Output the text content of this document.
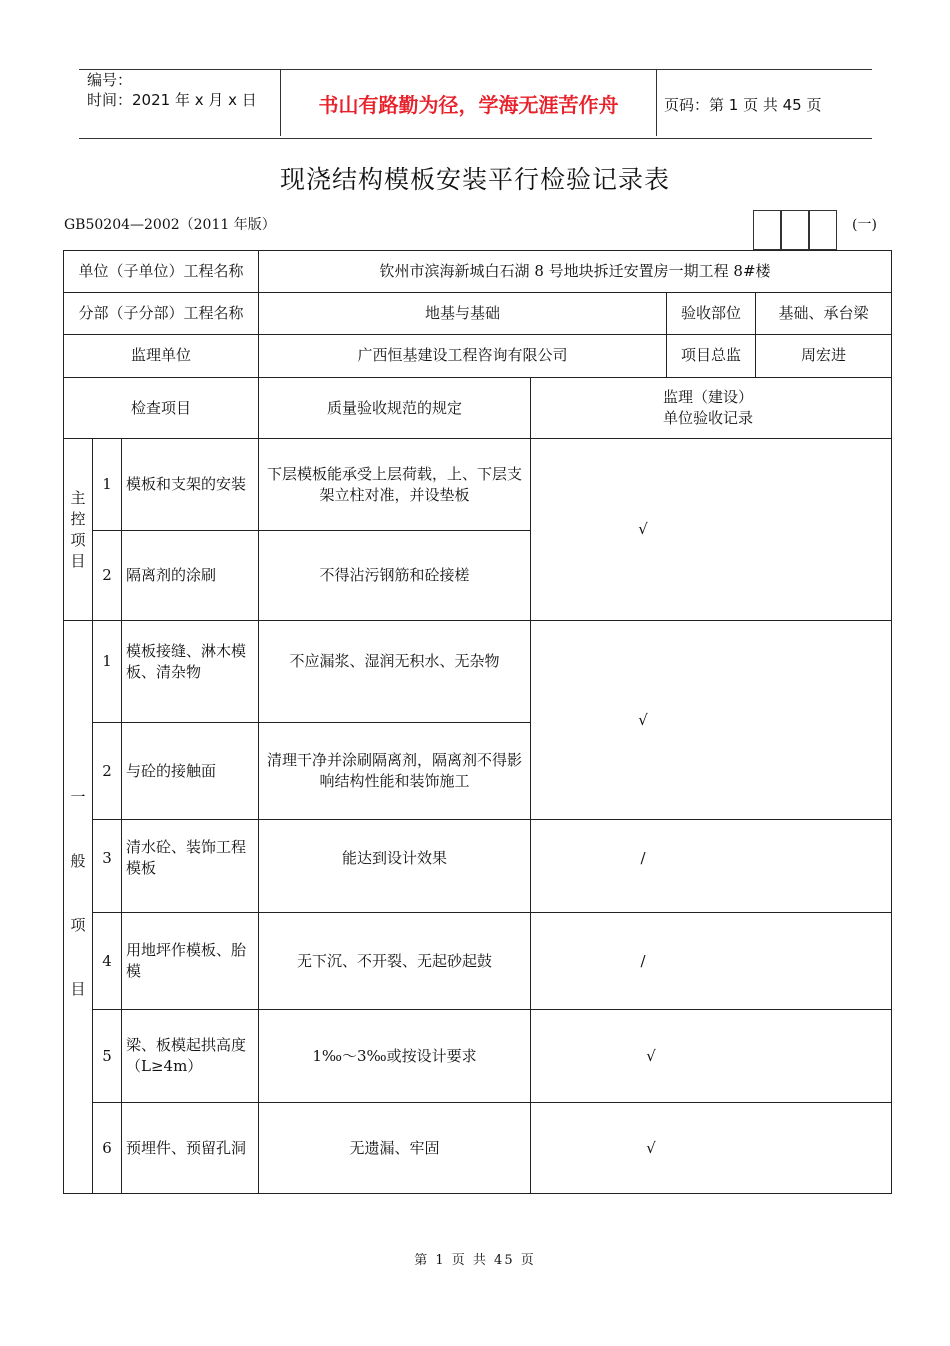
编号：
时间：2021 年 x 月 x 日	书山有路勤为径，学海无涯苦作舟	页码：第 1 页 共 45 页
现浇结构模板安装平行检验记录表
GB50204—2002（2011 年版）	(一)
单位（子单位）工程名称			钦州市滨海新城白石湖 8 号地块拆迁安置房一期工程 8#楼			
分部（子分部）工程名称			地基与基础		验收部位	基础、承台梁
监理单位			广西恒基建设工程咨询有限公司		项目总监	周宏进
检查项目			质量验收规范的规定	监理（建设）
单位验收记录		

主
控
项
目	1	模板和支架的安装	下层模板能承受上层荷载，上、下层支架立柱对准，并设垫板	√		
	2	隔离剂的涂刷	不得沾污钢筋和砼接槎			

一
般
项
目	1	模板接缝、淋木模板、清杂物	不应漏浆、湿润无积水、无杂物	√		
	2	与砼的接触面	清理干净并涂刷隔离剂，隔离剂不得影响结构性能和装饰施工			
	3	清水砼、装饰工程模板	能达到设计效果	/		
	4	用地坪作模板、胎模	无下沉、不开裂、无起砂起鼓	/		
	5	梁、板模起拱高度（L≥4m）	1‰～3‰或按设计要求	√		
	6	预埋件、预留孔洞	无遗漏、牢固	√		
第 1 页 共 45 页
